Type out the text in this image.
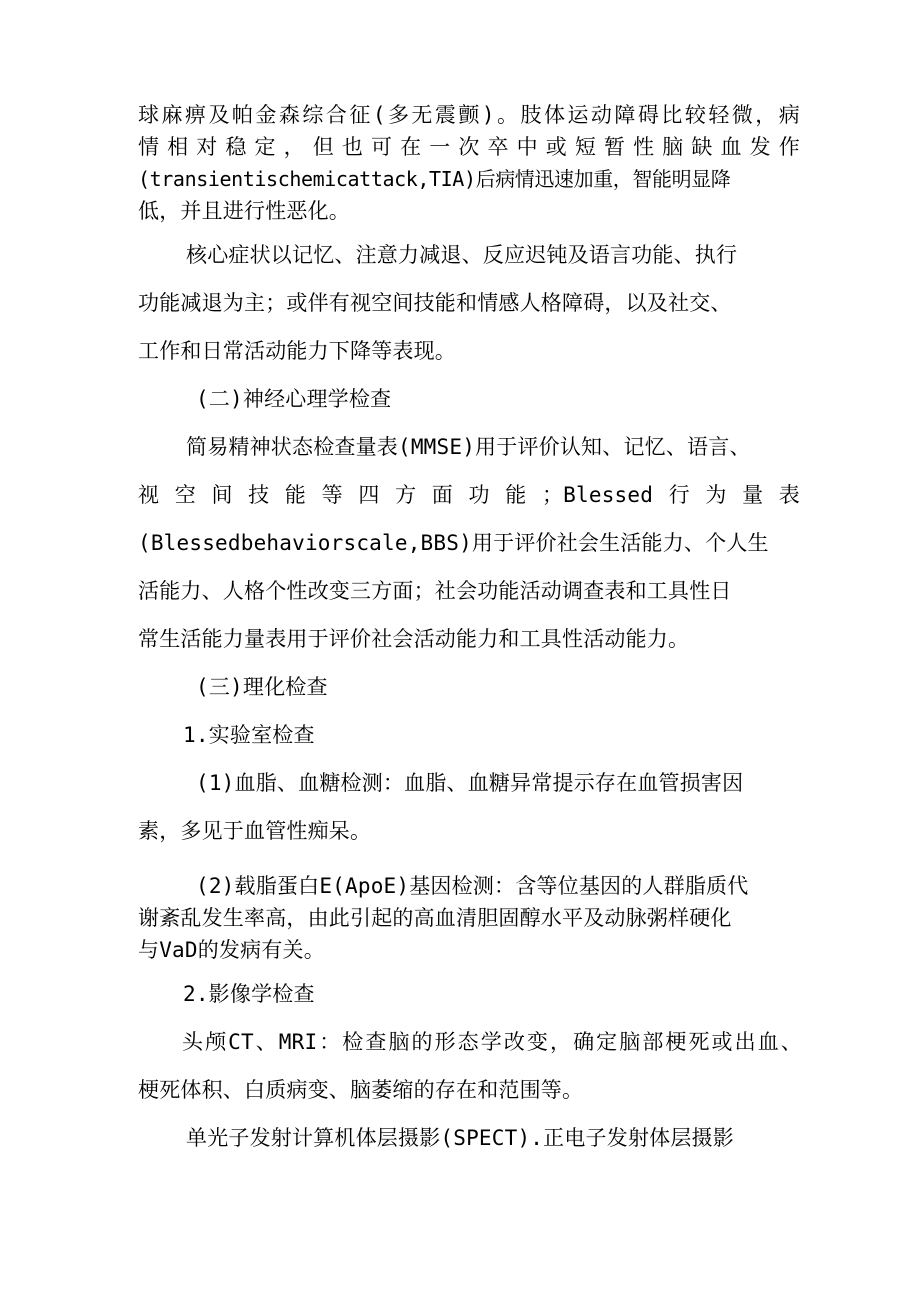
球麻痹及帕金森综合征(多无震颤)。肢体运动障碍比较轻微，病
情相对稳定，但也可在一次卒中或短暂性脑缺血发作
(transientischemicattack,TIA)后病情迅速加重，智能明显降
低，并且进行性恶化。
核心症状以记忆、注意力减退、反应迟钝及语言功能、执行
功能减退为主；或伴有视空间技能和情感人格障碍，以及社交、
工作和日常活动能力下降等表现。
(二)神经心理学检查
简易精神状态检查量表(MMSE)用于评价认知、记忆、语言、
视空间技能等四方面功能；Blessed行为量表
(Blessedbehaviorscale,BBS)用于评价社会生活能力、个人生
活能力、人格个性改变三方面；社会功能活动调查表和工具性日
常生活能力量表用于评价社会活动能力和工具性活动能力。
(三)理化检查
1.实验室检查
(1)血脂、血糖检测：血脂、血糖异常提示存在血管损害因
素，多见于血管性痴呆。
(2)载脂蛋白E(ApoE)基因检测：含等位基因的人群脂质代
谢紊乱发生率高，由此引起的高血清胆固醇水平及动脉粥样硬化
与VaD的发病有关。
2.影像学检查
头颅CT、MRI：检查脑的形态学改变，确定脑部梗死或出血、
梗死体积、白质病变、脑萎缩的存在和范围等。
单光子发射计算机体层摄影(SPECT).正电子发射体层摄影
